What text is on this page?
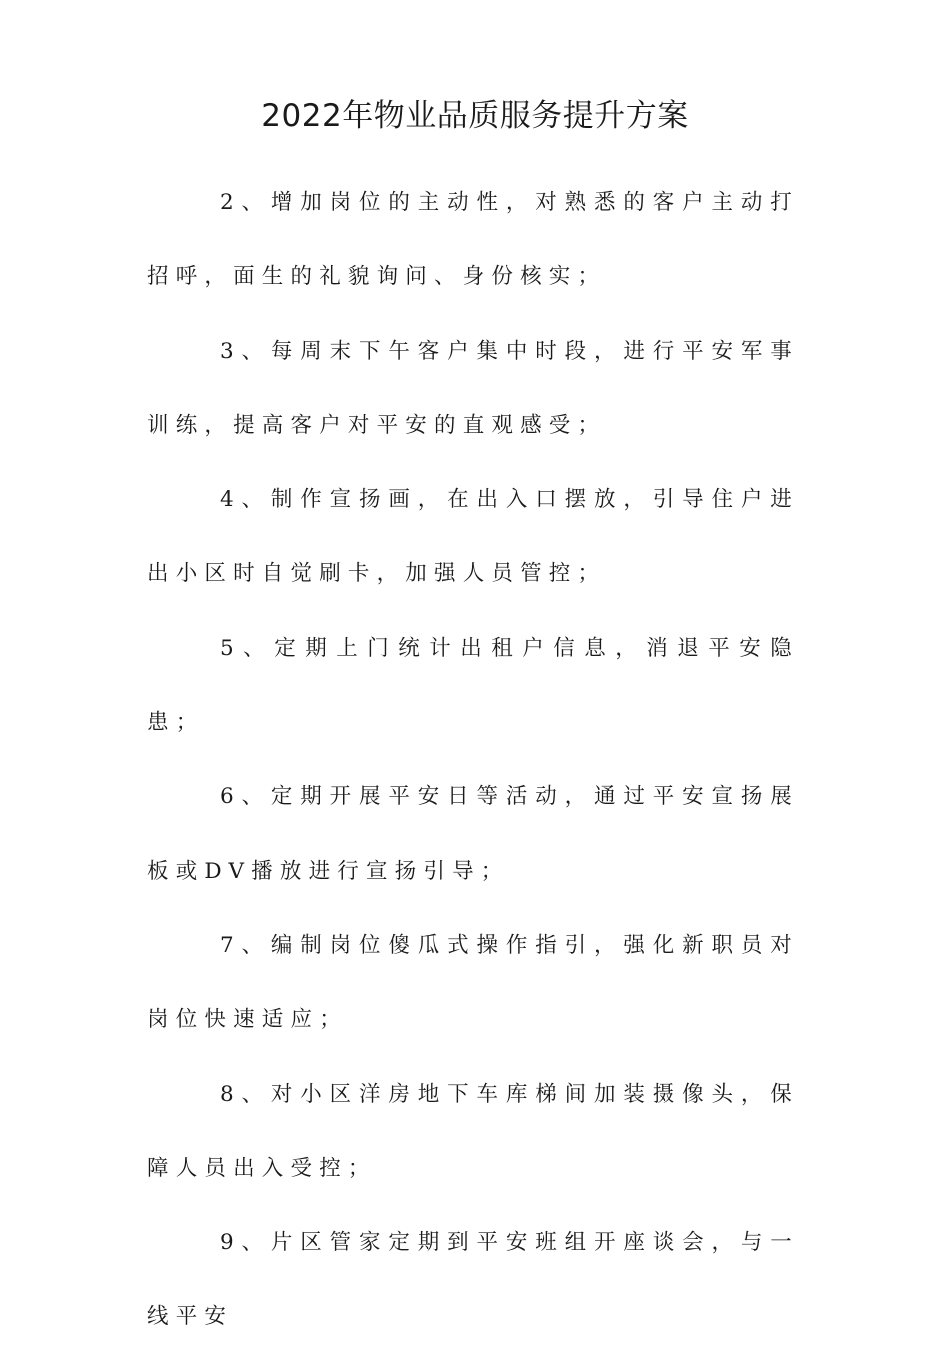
2022年物业品质服务提升方案

2、增加岗位的主动性，对熟悉的客户主动打招呼，面生的礼貌询问、身份核实；

3、每周末下午客户集中时段，进行平安军事训练，提高客户对平安的直观感受；

4、制作宣扬画，在出入口摆放，引导住户进出小区时自觉刷卡，加强人员管控；

5、定期上门统计出租户信息，消退平安隐患；

6、定期开展平安日等活动，通过平安宣扬展板或DV播放进行宣扬引导；

7、编制岗位傻瓜式操作指引，强化新职员对岗位快速适应；

8、对小区洋房地下车库梯间加装摄像头，保障人员出入受控；

9、片区管家定期到平安班组开座谈会，与一线平安
